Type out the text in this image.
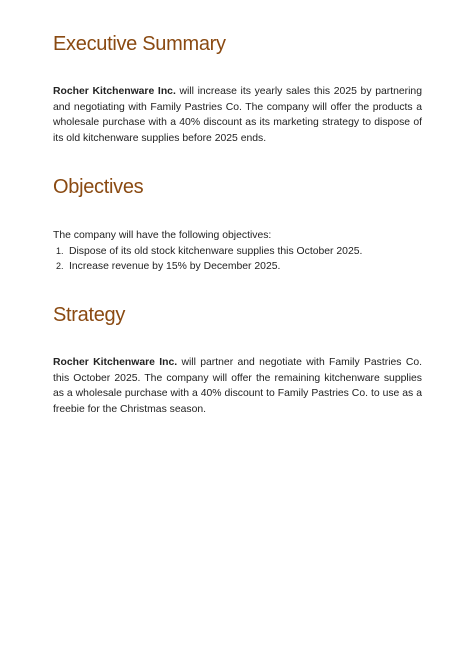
Executive Summary

Rocher Kitchenware Inc. will increase its yearly sales this 2025 by partnering and negotiating with Family Pastries Co. The company will offer the products a wholesale purchase with a 40% discount as its marketing strategy to dispose of its old kitchenware supplies before 2025 ends.

Objectives
The company will have the following objectives:
1. Dispose of its old stock kitchenware supplies this October 2025.
2. Increase revenue by 15% by December 2025.
Strategy

Rocher Kitchenware Inc. will partner and negotiate with Family Pastries Co. this October 2025. The company will offer the remaining kitchenware supplies as a wholesale purchase with a 40% discount to Family Pastries Co. to use as a freebie for the Christmas season.
